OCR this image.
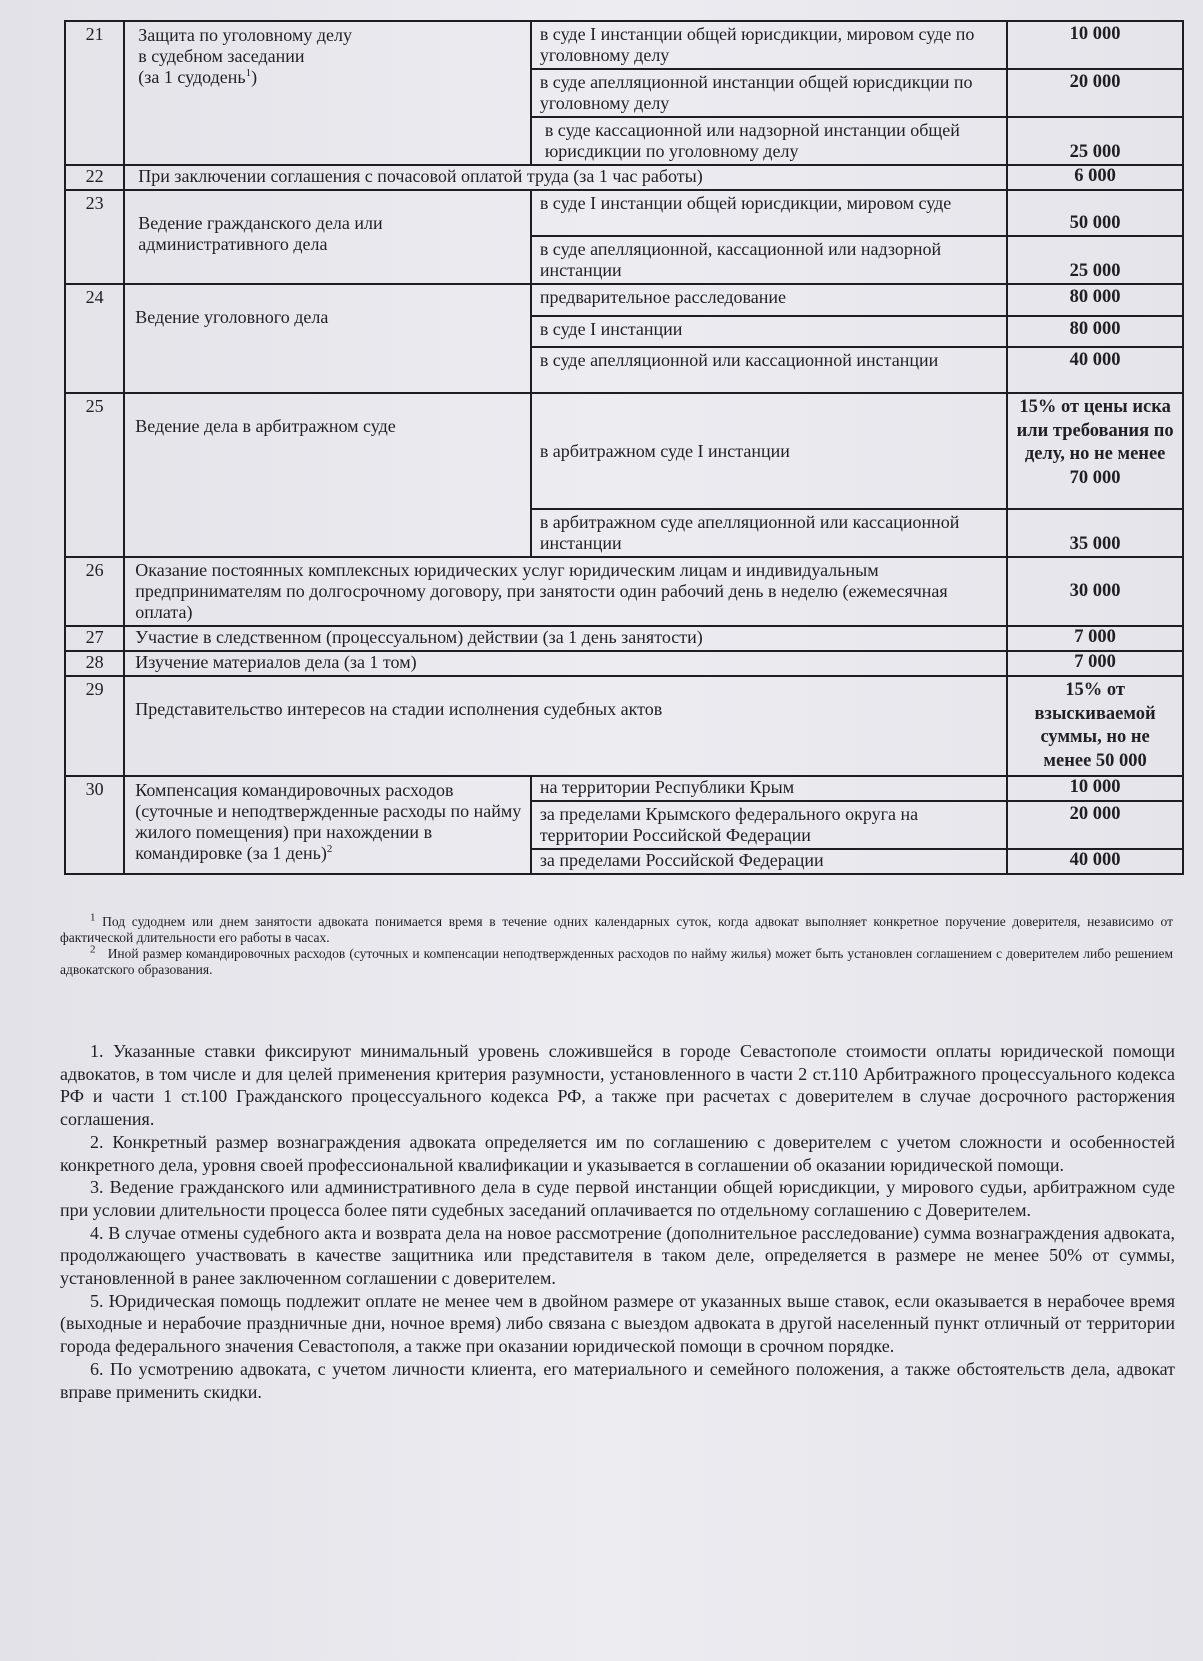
21	Защита по уголовному делу
в судебном заседании
(за 1 судодень$^1$)	в суде I инстанции общей юрисдикции, мировом суде по уголовному делу	10 000
		в суде апелляционной инстанции общей юрисдикции по уголовному делу	20 000
		в суде кассационной или надзорной инстанции общей юрисдикции по уголовному делу	25 000
22	При заключении соглашения с почасовой оплатой труда (за 1 час работы)		6 000
23	Ведение гражданского дела или административного дела	в суде I инстанции общей юрисдикции, мировом суде	50 000
		в суде апелляционной, кассационной или надзорной инстанции	25 000
24	Ведение уголовного дела	предварительное расследование	80 000
		в суде I инстанции	80 000
		в суде апелляционной или кассационной инстанции	40 000
25	Ведение дела в арбитражном суде	в арбитражном суде I инстанции	15% от цены иска или требования по делу, но не менее 70 000
		в арбитражном суде апелляционной или кассационной инстанции	35 000
26	Оказание постоянных комплексных юридических услуг юридическим лицам и индивидуальным предпринимателям по долгосрочному договору, при занятости один рабочий день в неделю (ежемесячная оплата)		30 000
27	Участие в следственном (процессуальном) действии (за 1 день занятости)		7 000
28	Изучение материалов дела (за 1 том)		7 000
29	Представительство интересов на стадии исполнения судебных актов		15% от взыскиваемой суммы, но не менее 50 000
30	Компенсация командировочных расходов (суточные и неподтвержденные расходы по найму жилого помещения) при нахождении в командировке (за 1 день)$^2$	на территории Республики Крым	10 000
		за пределами Крымского федерального округа на территории Российской Федерации	20 000
		за пределами Российской Федерации	40 000

$^1$ Под судоднем или днем занятости адвоката понимается время в течение одних календарных суток, когда адвокат выполняет конкретное поручение доверителя, независимо от фактической длительности его работы в часах.

$^2$ Иной размер командировочных расходов (суточных и компенсации неподтвержденных расходов по найму жилья) может быть установлен соглашением с доверителем либо решением адвокатского образования.

1. Указанные ставки фиксируют минимальный уровень сложившейся в городе Севастополе стоимости оплаты юридической помощи адвокатов, в том числе и для целей применения критерия разумности, установленного в части 2 ст.110 Арбитражного процессуального кодекса РФ и части 1 ст.100 Гражданского процессуального кодекса РФ, а также при расчетах с доверителем в случае досрочного расторжения соглашения.

2. Конкретный размер вознаграждения адвоката определяется им по соглашению с доверителем с учетом сложности и особенностей конкретного дела, уровня своей профессиональной квалификации и указывается в соглашении об оказании юридической помощи.

3. Ведение гражданского или административного дела в суде первой инстанции общей юрисдикции, у мирового судьи, арбитражном суде при условии длительности процесса более пяти судебных заседаний оплачивается по отдельному соглашению с Доверителем.

4. В случае отмены судебного акта и возврата дела на новое рассмотрение (дополнительное расследование) сумма вознаграждения адвоката, продолжающего участвовать в качестве защитника или представителя в таком деле, определяется в размере не менее 50% от суммы, установленной в ранее заключенном соглашении с доверителем.

5. Юридическая помощь подлежит оплате не менее чем в двойном размере от указанных выше ставок, если оказывается в нерабочее время (выходные и нерабочие праздничные дни, ночное время) либо связана с выездом адвоката в другой населенный пункт отличный от территории города федерального значения Севастополя, а также при оказании юридической помощи в срочном порядке.

6. По усмотрению адвоката, с учетом личности клиента, его материального и семейного положения, а также обстоятельств дела, адвокат вправе применить скидки.
